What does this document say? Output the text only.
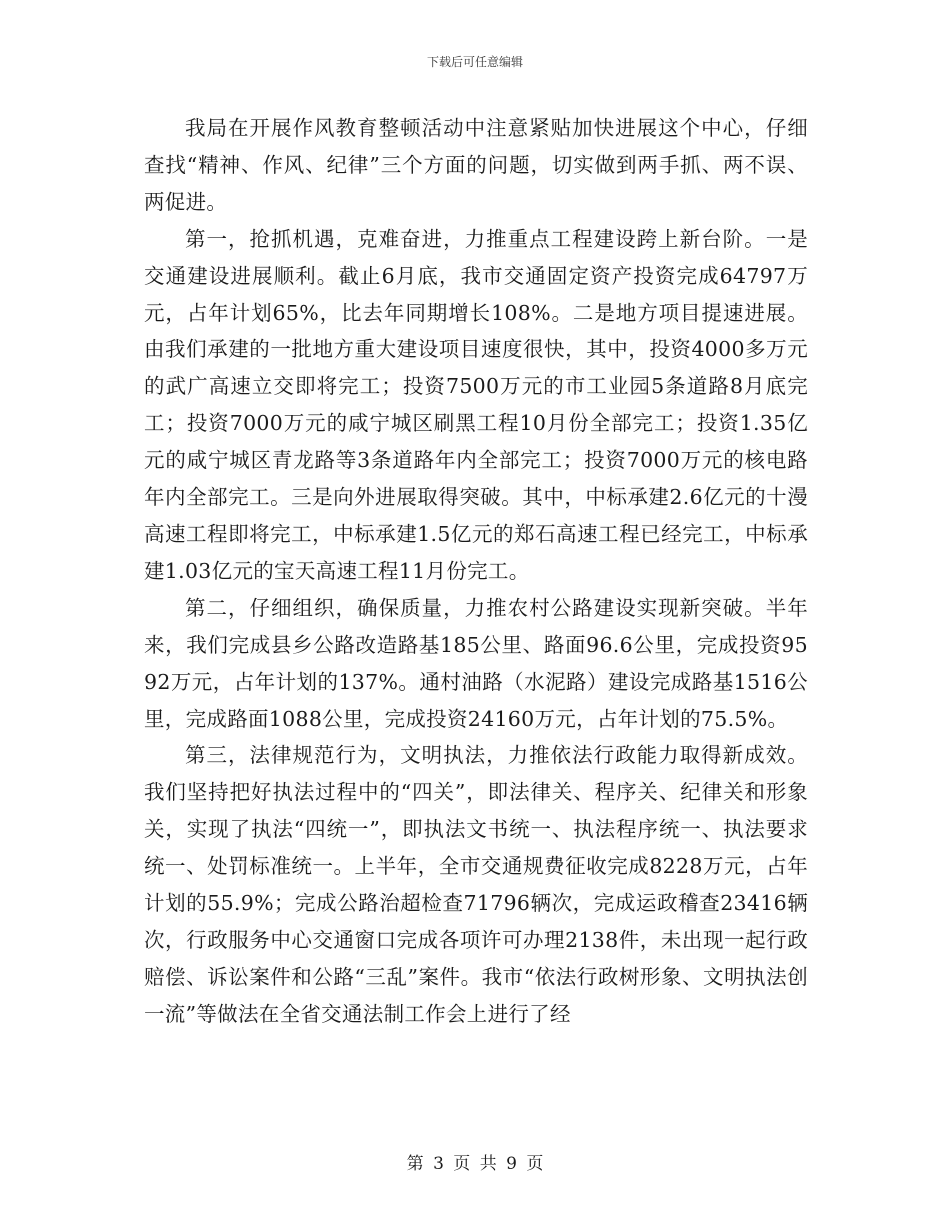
下载后可任意编辑

我局在开展作风教育整顿活动中注意紧贴加快进展这个中心，仔细查找“精神、作风、纪律”三个方面的问题，切实做到两手抓、两不误、两促进。

第一，抢抓机遇，克难奋进，力推重点工程建设跨上新台阶。一是交通建设进展顺利。截止6月底，我市交通固定资产投资完成64797万元，占年计划65%，比去年同期增长108%。二是地方项目提速进展。由我们承建的一批地方重大建设项目速度很快，其中，投资4000多万元的武广高速立交即将完工；投资7500万元的市工业园5条道路8月底完工；投资7000万元的咸宁城区刷黑工程10月份全部完工；投资1.35亿元的咸宁城区青龙路等3条道路年内全部完工；投资7000万元的核电路年内全部完工。三是向外进展取得突破。其中，中标承建2.6亿元的十漫高速工程即将完工，中标承建1.5亿元的郑石高速工程已经完工，中标承建1.03亿元的宝天高速工程11月份完工。

第二，仔细组织，确保质量，力推农村公路建设实现新突破。半年来，我们完成县乡公路改造路基185公里、路面96.6公里，完成投资9592万元，占年计划的137%。通村油路（水泥路）建设完成路基1516公里，完成路面1088公里，完成投资24160万元，占年计划的75.5%。

第三，法律规范行为，文明执法，力推依法行政能力取得新成效。我们坚持把好执法过程中的“四关”，即法律关、程序关、纪律关和形象关，实现了执法“四统一”，即执法文书统一、执法程序统一、执法要求统一、处罚标准统一。上半年，全市交通规费征收完成8228万元，占年计划的55.9%；完成公路治超检查71796辆次，完成运政稽查23416辆次，行政服务中心交通窗口完成各项许可办理2138件，未出现一起行政赔偿、诉讼案件和公路“三乱”案件。我市“依法行政树形象、文明执法创一流”等做法在全省交通法制工作会上进行了经

第 3 页 共 9 页
